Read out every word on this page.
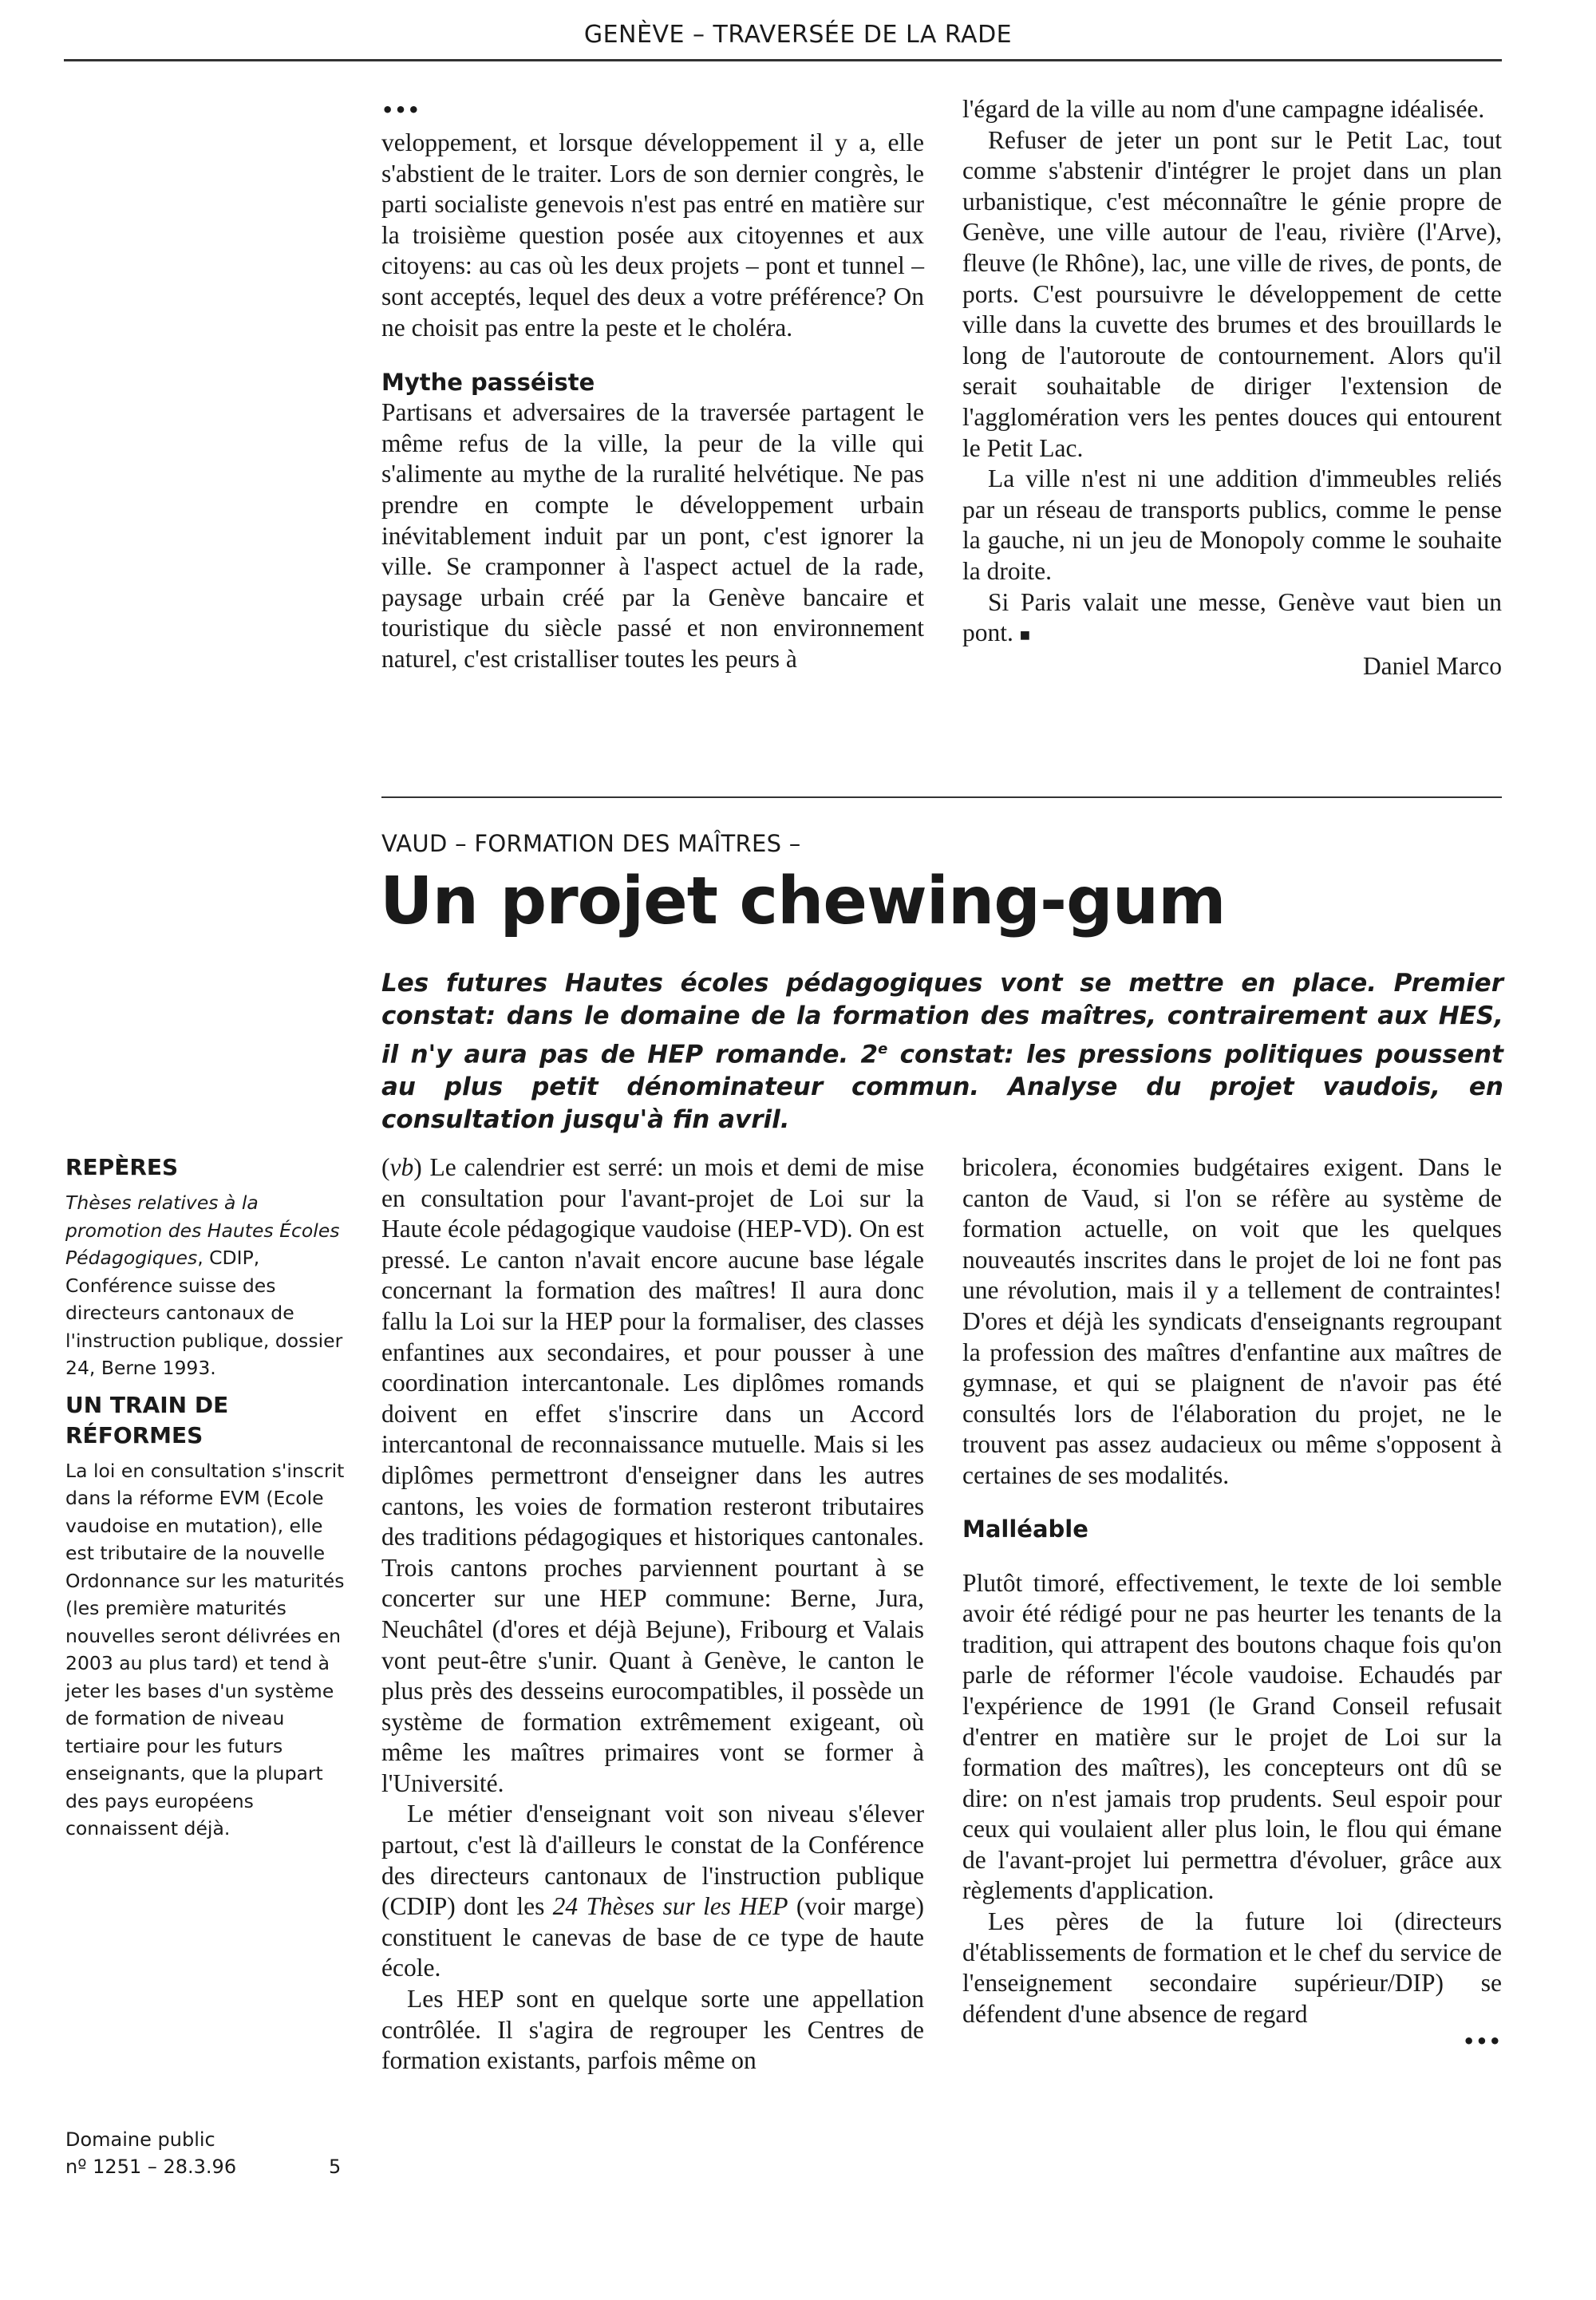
GENÈVE – TRAVERSÉE DE LA RADE
•••

veloppement, et lorsque développement il y a, elle s'abstient de le traiter. Lors de son dernier congrès, le parti socialiste genevois n'est pas entré en matière sur la troisième question posée aux citoyennes et aux citoyens: au cas où les deux projets – pont et tunnel – sont acceptés, lequel des deux a votre préférence? On ne choisit pas entre la peste et le choléra.

Mythe passéiste

Partisans et adversaires de la traversée partagent le même refus de la ville, la peur de la ville qui s'alimente au mythe de la ruralité helvétique. Ne pas prendre en compte le développement urbain inévitablement induit par un pont, c'est ignorer la ville. Se cramponner à l'aspect actuel de la rade, paysage urbain créé par la Genève bancaire et touristique du siècle passé et non environnement naturel, c'est cristalliser toutes les peurs à

l'égard de la ville au nom d'une campagne idéalisée.

Refuser de jeter un pont sur le Petit Lac, tout comme s'abstenir d'intégrer le projet dans un plan urbanistique, c'est méconnaître le génie propre de Genève, une ville autour de l'eau, rivière (l'Arve), fleuve (le Rhône), lac, une ville de rives, de ponts, de ports. C'est poursuivre le développement de cette ville dans la cuvette des brumes et des brouillards le long de l'autoroute de contournement. Alors qu'il serait souhaitable de diriger l'extension de l'agglomération vers les pentes douces qui entourent le Petit Lac.

La ville n'est ni une addition d'immeubles reliés par un réseau de transports publics, comme le pense la gauche, ni un jeu de Monopoly comme le souhaite la droite.

Si Paris valait une messe, Genève vaut bien un pont. ■

Daniel Marco

VAUD – FORMATION DES MAÎTRES –
Un projet chewing-gum
Les futures Hautes écoles pédagogiques vont se mettre en place. Premier constat: dans le domaine de la formation des maîtres, contrairement aux HES, il n'y aura pas de HEP romande. 2e constat: les pressions politiques poussent au plus petit dénominateur commun. Analyse du projet vaudois, en consultation jusqu'à fin avril.

REPÈRES

Thèses relatives à la promotion des Hautes Écoles Pédagogiques, CDIP, Conférence suisse des directeurs cantonaux de l'instruction publique, dossier 24, Berne 1993.

UN TRAIN DE RÉFORMES

La loi en consultation s'inscrit dans la réforme EVM (Ecole vaudoise en mutation), elle est tributaire de la nouvelle Ordonnance sur les maturités (les première maturités nouvelles seront délivrées en 2003 au plus tard) et tend à jeter les bases d'un système de formation de niveau tertiaire pour les futurs enseignants, que la plupart des pays européens connaissent déjà.

(vb) Le calendrier est serré: un mois et demi de mise en consultation pour l'avant-projet de Loi sur la Haute école pédagogique vaudoise (HEP-VD). On est pressé. Le canton n'avait encore aucune base légale concernant la formation des maîtres! Il aura donc fallu la Loi sur la HEP pour la formaliser, des classes enfantines aux secondaires, et pour pousser à une coordination intercantonale. Les diplômes romands doivent en effet s'inscrire dans un Accord intercantonal de reconnaissance mutuelle. Mais si les diplômes permettront d'enseigner dans les autres cantons, les voies de formation resteront tributaires des traditions pédagogiques et historiques cantonales. Trois cantons proches parviennent pourtant à se concerter sur une HEP commune: Berne, Jura, Neuchâtel (d'ores et déjà Bejune), Fribourg et Valais vont peut-être s'unir. Quant à Genève, le canton le plus près des desseins eurocompatibles, il possède un système de formation extrêmement exigeant, où même les maîtres primaires vont se former à l'Université.

Le métier d'enseignant voit son niveau s'élever partout, c'est là d'ailleurs le constat de la Conférence des directeurs cantonaux de l'instruction publique (CDIP) dont les 24 Thèses sur les HEP (voir marge) constituent le canevas de base de ce type de haute école.

Les HEP sont en quelque sorte une appellation contrôlée. Il s'agira de regrouper les Centres de formation existants, parfois même on

bricolera, économies budgétaires exigent. Dans le canton de Vaud, si l'on se réfère au système de formation actuelle, on voit que les quelques nouveautés inscrites dans le projet de loi ne font pas une révolution, mais il y a tellement de contraintes! D'ores et déjà les syndicats d'enseignants regroupant la profession des maîtres d'enfantine aux maîtres de gymnase, et qui se plaignent de n'avoir pas été consultés lors de l'élaboration du projet, ne le trouvent pas assez audacieux ou même s'opposent à certaines de ses modalités.

Malléable

Plutôt timoré, effectivement, le texte de loi semble avoir été rédigé pour ne pas heurter les tenants de la tradition, qui attrapent des boutons chaque fois qu'on parle de réformer l'école vaudoise. Echaudés par l'expérience de 1991 (le Grand Conseil refusait d'entrer en matière sur le projet de Loi sur la formation des maîtres), les concepteurs ont dû se dire: on n'est jamais trop prudents. Seul espoir pour ceux qui voulaient aller plus loin, le flou qui émane de l'avant-projet lui permettra d'évoluer, grâce aux règlements d'application.

Les pères de la future loi (directeurs d'établissements de formation et le chef du service de l'enseignement secondaire supérieur/DIP) se défendent d'une absence de regard

•••
Domaine public
nº 1251 – 28.3.96	5
